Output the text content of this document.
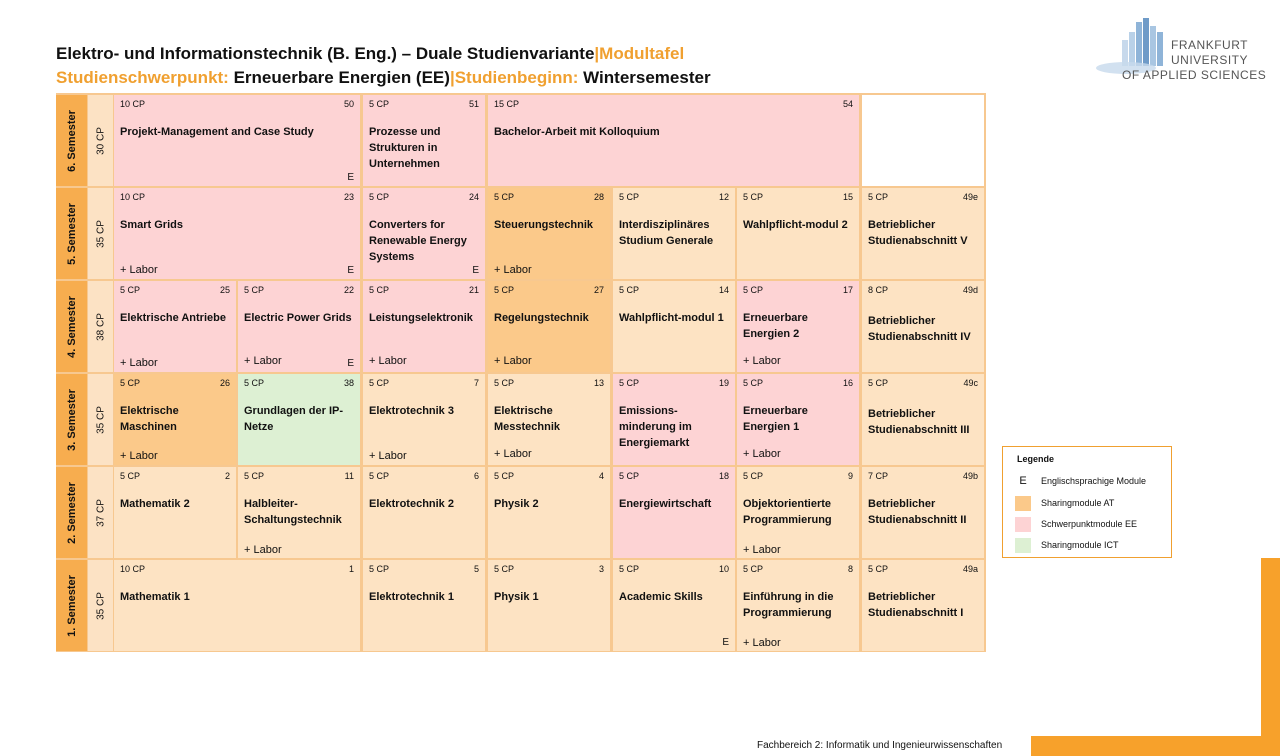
Elektro- und Informationstechnik (B. Eng.) – Duale Studienvariante|Modultafel
Studienschwerpunkt: Erneuerbare Energien (EE)|Studienbeginn: Wintersemester
FRANKFURT
UNIVERSITY
OF APPLIED SCIENCES
6. Semester
5. Semester
4. Semester
3. Semester
2. Semester
1. Semester
30 CP
35 CP
38 CP
35 CP
37 CP
35 CP
10 CP	50
Projekt-Management and Case Study
E
5 CP	51
Prozesse und Strukturen in Unternehmen
15 CP	54
Bachelor-Arbeit mit Kolloquium
10 CP	23
Smart Grids
+ Labor	E
5 CP	24
Converters for Renewable Energy Systems
E
5 CP	28
Steuerungstechnik
+ Labor
5 CP	12
Interdisziplinäres Studium Generale
5 CP	15
Wahlpflicht-modul 2
5 CP	49e
Betrieblicher Studienabschnitt V
5 CP	25
Elektrische Antriebe
+ Labor
5 CP	22
Electric Power Grids
+ Labor	E
5 CP	21
Leistungselektronik
+ Labor
5 CP	27
Regelungstechnik
+ Labor
5 CP	14
Wahlpflicht-modul 1
5 CP	17
Erneuerbare Energien 2
+ Labor
8 CP	49d
Betrieblicher Studienabschnitt IV
5 CP	26
Elektrische Maschinen
+ Labor
5 CP	38
Grundlagen der IP-Netze
5 CP	7
Elektrotechnik 3
+ Labor
5 CP	13
Elektrische Messtechnik
+ Labor
5 CP	19
Emissions-minderung im Energiemarkt
5 CP	16
Erneuerbare Energien 1
+ Labor
5 CP	49c
Betrieblicher Studienabschnitt III
5 CP	2
Mathematik 2
5 CP	11
Halbleiter-Schaltungstechnik
+ Labor
5 CP	6
Elektrotechnik 2
5 CP	4
Physik 2
5 CP	18
Energiewirtschaft
5 CP	9
Objektorientierte Programmierung
+ Labor
7 CP	49b
Betrieblicher Studienabschnitt II
10 CP	1
Mathematik 1
5 CP	5
Elektrotechnik 1
5 CP	3
Physik 1
5 CP	10
Academic Skills
E
5 CP	8
Einführung in die Programmierung
+ Labor
5 CP	49a
Betrieblicher Studienabschnitt I
Legende
E	Englischsprachige Module
Sharingmodule AT
Schwerpunktmodule EE
Sharingmodule ICT
Fachbereich 2: Informatik und Ingenieurwissenschaften
